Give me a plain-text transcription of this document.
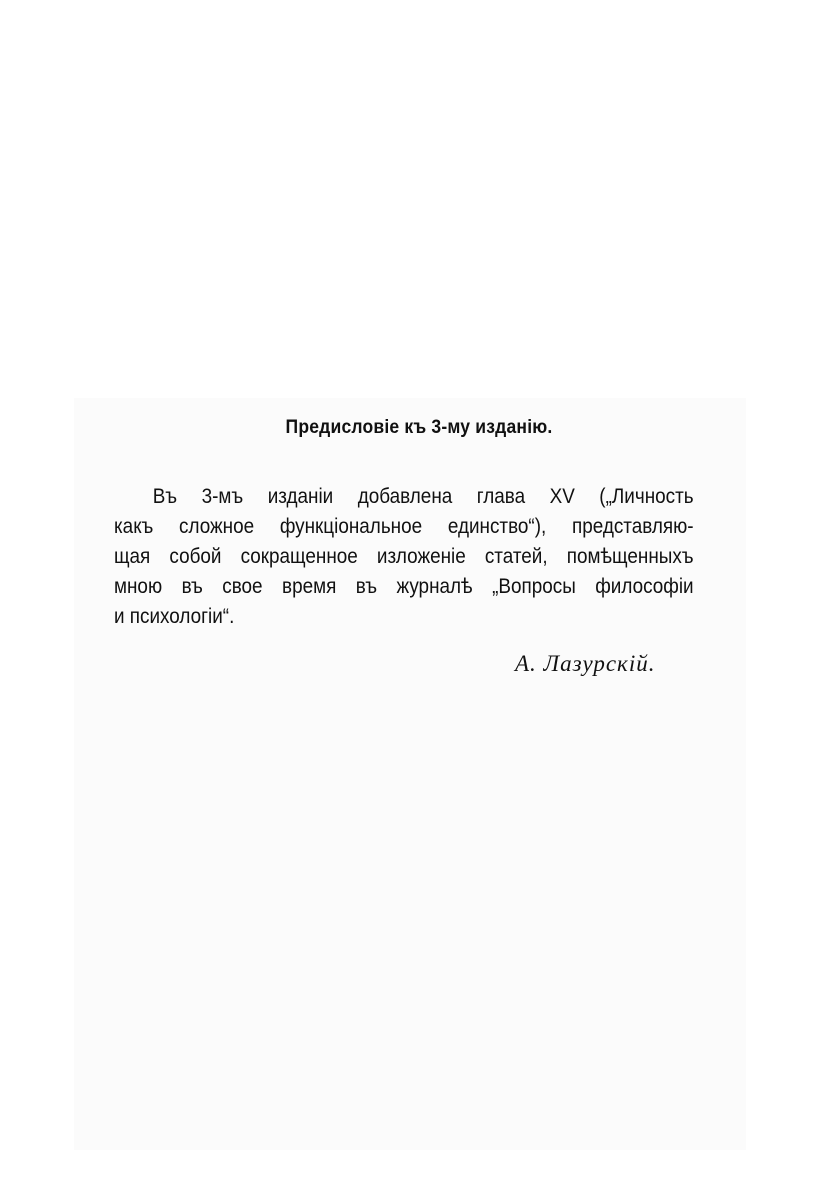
Предисловіе къ 3-му изданію.
Въ 3-мъ изданіи добавлена глава XV („Личность
какъ сложное функціональное единство“), представляю-
щая собой сокращенное изложеніе статей, помѣщенныхъ
мною въ свое время въ журналѣ „Вопросы философіи
и психологіи“.
А. Лазурскій.
